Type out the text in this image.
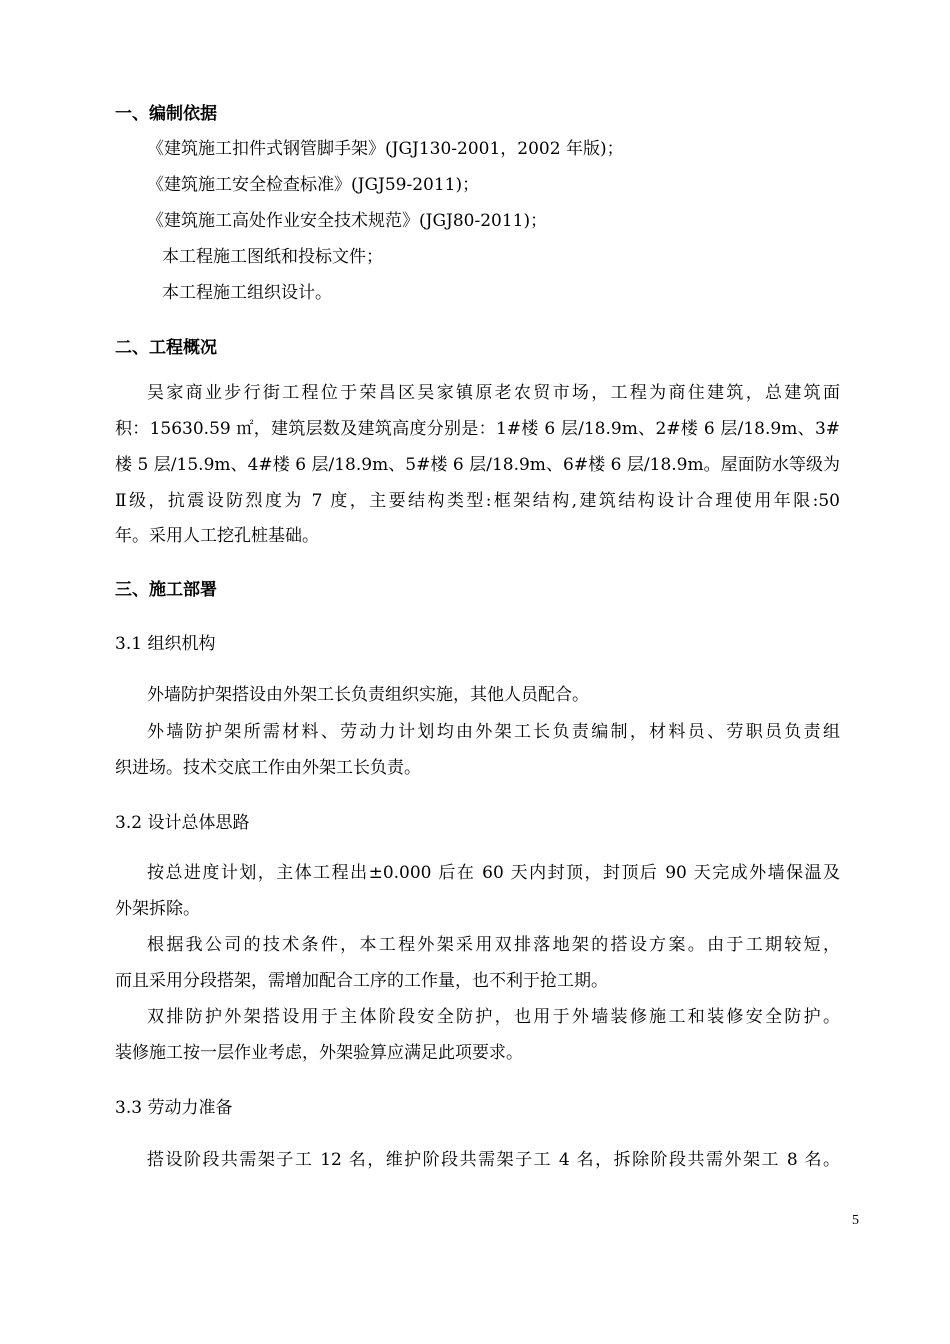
一、编制依据
《建筑施工扣件式钢管脚手架》(JGJ130-2001，2002 年版)；
《建筑施工安全检查标准》(JGJ59-2011)；
《建筑施工高处作业安全技术规范》(JGJ80-2011)；
本工程施工图纸和投标文件；
本工程施工组织设计。
二、工程概况
吴家商业步行街工程位于荣昌区吴家镇原老农贸市场，工程为商住建筑，总建筑面
积：15630.59 ㎡，建筑层数及建筑高度分别是：1#楼 6 层/18.9m、2#楼 6 层/18.9m、3#
楼 5 层/15.9m、4#楼 6 层/18.9m、5#楼 6 层/18.9m、6#楼 6 层/18.9m。屋面防水等级为
Ⅱ级，抗震设防烈度为 7 度，主要结构类型:框架结构,建筑结构设计合理使用年限:50
年。采用人工挖孔桩基础。
三、施工部署
3.1 组织机构
外墙防护架搭设由外架工长负责组织实施，其他人员配合。
外墙防护架所需材料、劳动力计划均由外架工长负责编制，材料员、劳职员负责组
织进场。技术交底工作由外架工长负责。
3.2 设计总体思路
按总进度计划，主体工程出±0.000 后在 60 天内封顶，封顶后 90 天完成外墙保温及
外架拆除。
根据我公司的技术条件，本工程外架采用双排落地架的搭设方案。由于工期较短，
而且采用分段搭架，需增加配合工序的工作量，也不利于抢工期。
双排防护外架搭设用于主体阶段安全防护，也用于外墙装修施工和装修安全防护。
装修施工按一层作业考虑，外架验算应满足此项要求。
3.3 劳动力准备
搭设阶段共需架子工 12 名，维护阶段共需架子工 4 名，拆除阶段共需外架工 8 名。
5
